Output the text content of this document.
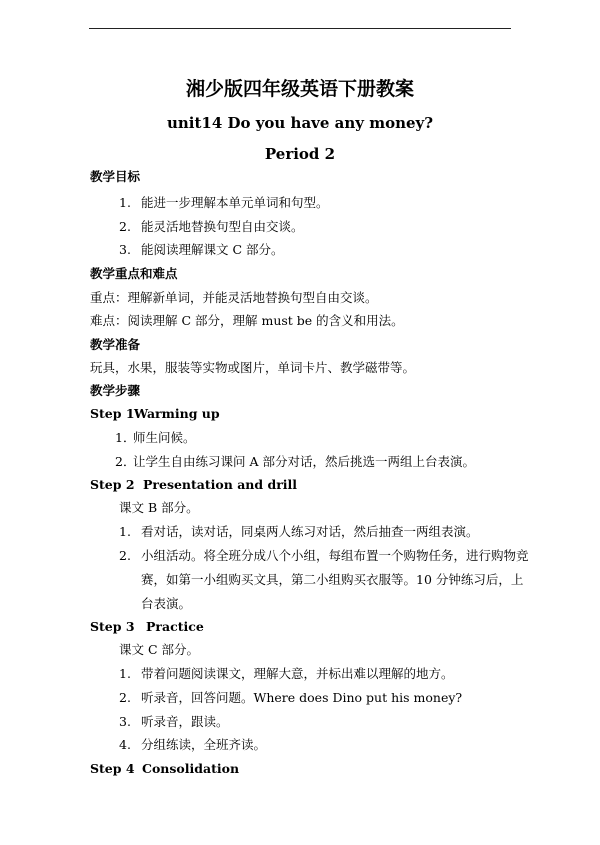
湘少版四年级英语下册教案
unit14 Do you have any money?
Period 2
教学目标
1. 能进一步理解本单元单词和句型。
2. 能灵活地替换句型自由交谈。
3. 能阅读理解课文 C 部分。
教学重点和难点
重点：理解新单词，并能灵活地替换句型自由交谈。
难点：阅读理解 C 部分，理解 must be 的含义和用法。
教学准备
玩具，水果，服装等实物或图片，单词卡片、教学磁带等。
教学步骤
Step 1 Warming up
1．
师生问候。
2．
让学生自由练习课问 A 部分对话，然后挑选一两组上台表演。
Step 2 Presentation and drill
课文 B 部分。
1. 看对话，读对话，同桌两人练习对话，然后抽查一两组表演。
2. 小组活动。将全班分成八个小组，每组布置一个购物任务，进行购物竞
赛，如第一小组购买文具，第二小组购买衣服等。10 分钟练习后，上
台表演。
Step 3 Practice
课文 C 部分。
1. 带着问题阅读课文，理解大意，并标出难以理解的地方。
2. 听录音，回答问题。Where does Dino put his money?
3. 听录音，跟读。
4. 分组练读，全班齐读。
Step 4 Consolidation
